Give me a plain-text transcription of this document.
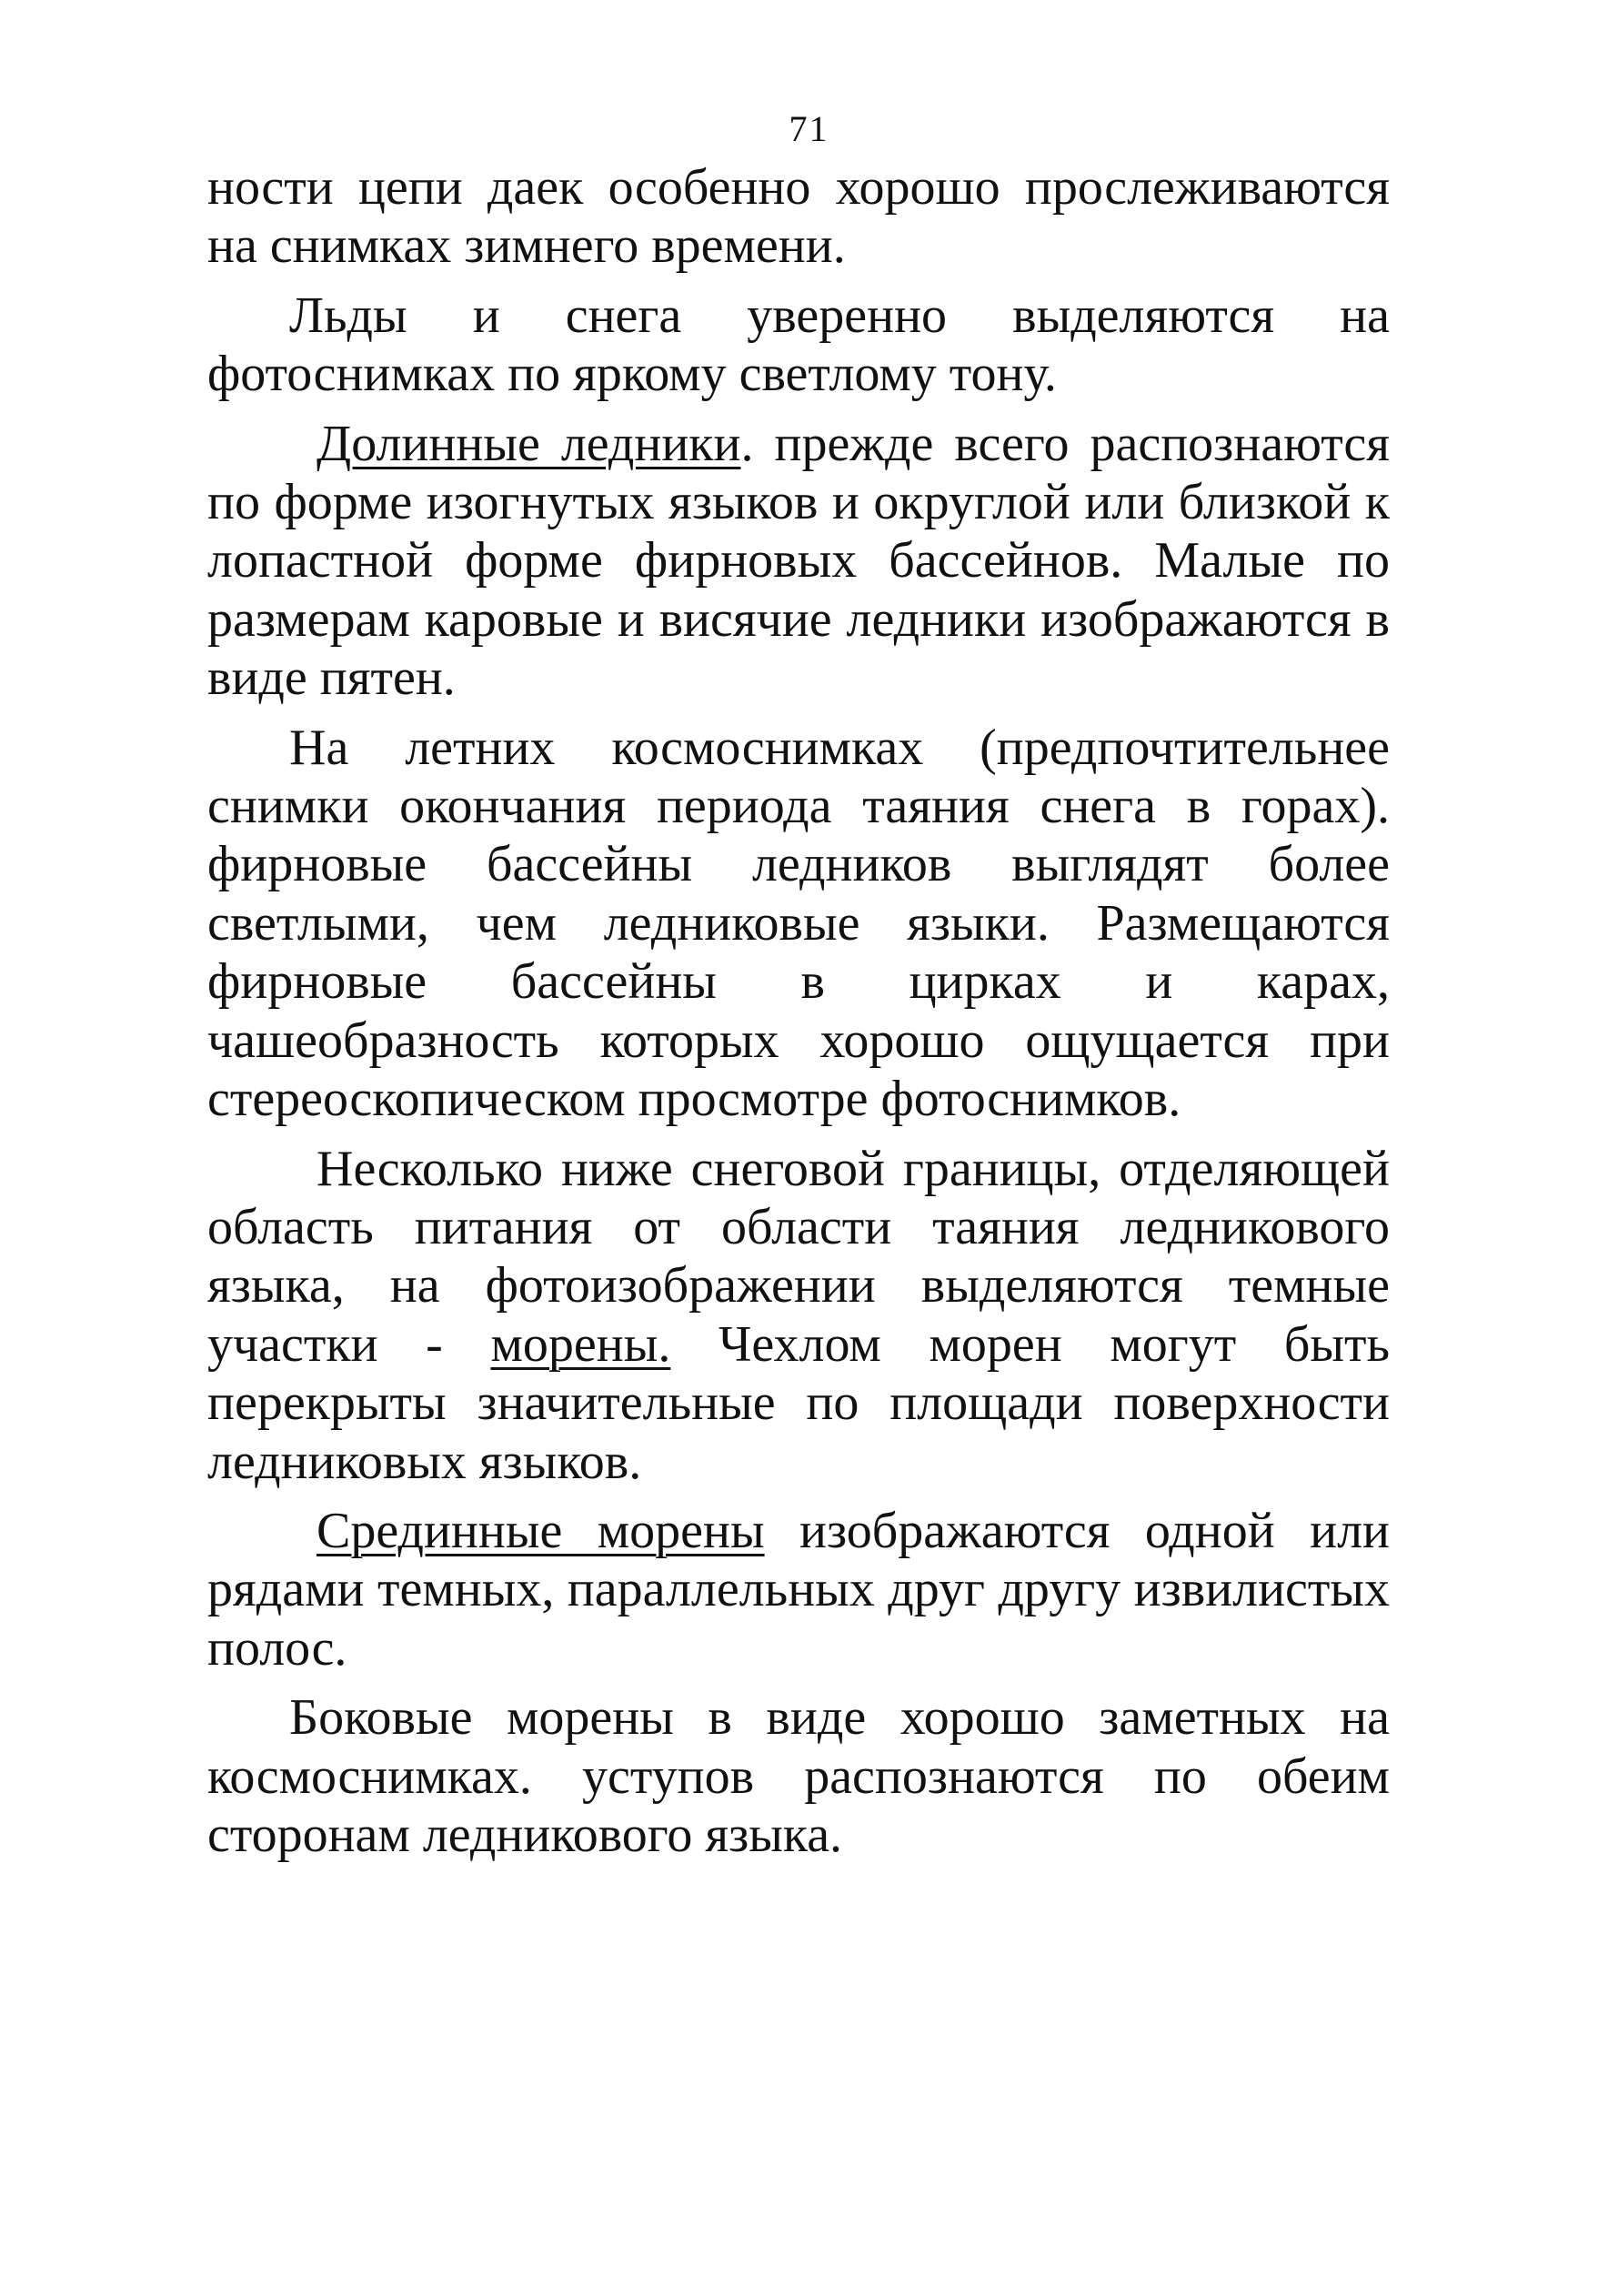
71

ности цепи даек особенно хорошо прослеживаются на снимках зимнего времени.

Льды и снега уверенно выделяются на фотоснимках по яркому светлому тону.

Долинные ледники. прежде всего распознаются по форме изогнутых языков и округлой или близкой к лопастной форме фирновых бассейнов. Малые по размерам каровые и висячие ледники изображаются в виде пятен.

На летних космоснимках (предпочтительнее снимки окончания периода таяния снега в горах). фирновые бассейны ледников выглядят более светлыми, чем ледниковые языки. Размещаются фирновые бассейны в цирках и карах, чашеобразность которых хорошо ощущается при стереоскопическом просмотре фотоснимков.

Несколько ниже снеговой границы, отделяющей область питания от области таяния ледникового языка, на фотоизображении выделяются темные участки - морены. Чехлом морен могут быть перекрыты значительные по площади поверхности ледниковых языков.

Срединные морены изображаются одной или рядами темных, параллельных друг другу извилистых полос.

Боковые морены в виде хорошо заметных на космоснимках. уступов распознаются по обеим сторонам ледникового языка.
